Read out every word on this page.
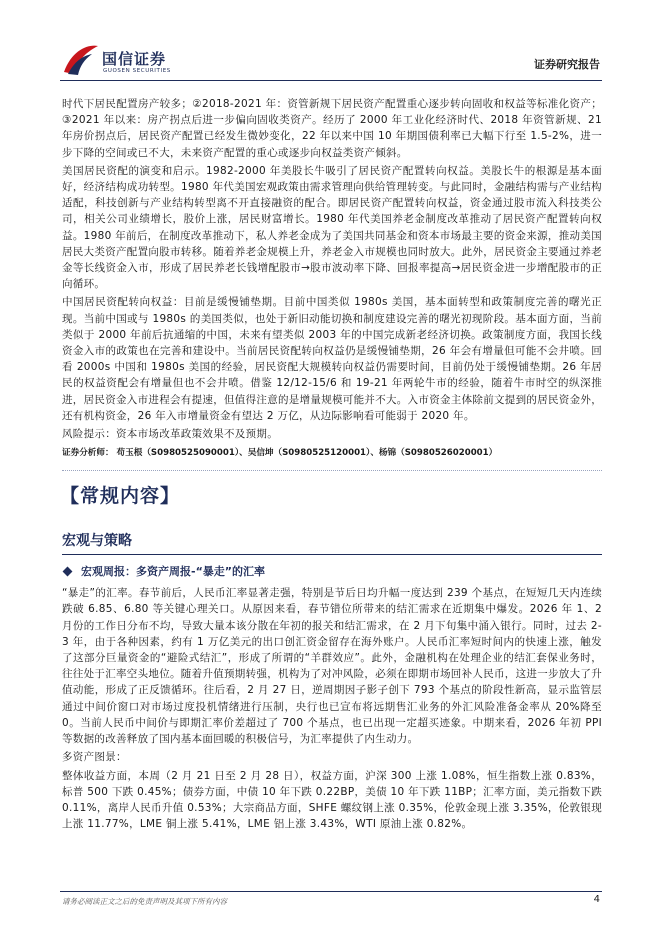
国信证券
GUOSEN SECURITIES	证券研究报告

时代下居民配置房产较多；②2018-2021 年：资管新规下居民资产配置重心逐步转向固收和权益等标准化资产；③2021 年以来：房产拐点后进一步偏向固收类资产。经历了 2000 年工业化经济时代、2018 年资管新规、21 年房价拐点后，居民资产配置已经发生微妙变化，22 年以来中国 10 年期国债利率已大幅下行至 1.5-2%，进一步下降的空间或已不大，未来资产配置的重心或逐步向权益类资产倾斜。

美国居民资配的演变和启示。1982-2000 年美股长牛吸引了居民资产配置转向权益。美股长牛的根源是基本面好，经济结构成功转型。1980 年代美国宏观政策由需求管理向供给管理转变。与此同时，金融结构需与产业结构适配，科技创新与产业结构转型离不开直接融资的配合。即居民资产配置转向权益，资金通过股市流入科技类公司，相关公司业绩增长，股价上涨，居民财富增长。1980 年代美国养老金制度改革推动了居民资产配置转向权益。1980 年前后，在制度改革推动下，私人养老金成为了美国共同基金和资本市场最主要的资金来源，推动美国居民大类资产配置向股市转移。随着养老金规模上升，养老金入市规模也同时放大。此外，居民资金主要通过养老金等长线资金入市，形成了居民养老长钱增配股市→股市波动率下降、回报率提高→居民资金进一步增配股市的正向循环。

中国居民资配转向权益：目前是缓慢铺垫期。目前中国类似 1980s 美国，基本面转型和政策制度完善的曙光正现。当前中国或与 1980s 的美国类似，也处于新旧动能切换和制度建设完善的曙光初现阶段。基本面方面，当前类似于 2000 年前后抗通缩的中国，未来有望类似 2003 年的中国完成新老经济切换。政策制度方面，我国长线资金入市的政策也在完善和建设中。当前居民资配转向权益仍是缓慢铺垫期，26 年会有增量但可能不会井喷。回看 2000s 中国和 1980s 美国的经验，居民资配大规模转向权益仍需要时间，目前仍处于缓慢铺垫期。26 年居民的权益资配会有增量但也不会井喷。借鉴 12/12-15/6 和 19-21 年两轮牛市的经验，随着牛市时空的纵深推进，居民资金入市进程会有提速，但值得注意的是增量规模可能并不大。入市资金主体除前文提到的居民资金外，还有机构资金，26 年入市增量资金有望达 2 万亿，从边际影响看可能弱于 2020 年。

风险提示：资本市场改革政策效果不及预期。

证券分析师： 苟玉根（S0980525090001）、吴信坤（S0980525120001）、杨锦（S0980526020001）
【常规内容】
宏观与策略
宏观周报：多资产周报-“暴走”的汇率

“暴走”的汇率。春节前后，人民币汇率显著走强，特别是节后日均升幅一度达到 239 个基点，在短短几天内连续跌破 6.85、6.80 等关键心理关口。从原因来看，春节错位所带来的结汇需求在近期集中爆发。2026 年 1、2 月份的工作日分布不均，导致大量本该分散在年初的报关和结汇需求，在 2 月下旬集中涌入银行。同时，过去 2-3 年，由于各种因素，约有 1 万亿美元的出口创汇资金留存在海外账户。人民币汇率短时间内的快速上涨，触发了这部分巨量资金的“避险式结汇”，形成了所谓的“羊群效应”。此外，金融机构在处理企业的结汇套保业务时，往往处于汇率空头地位。随着升值预期转强，机构为了对冲风险，必须在即期市场回补人民币，这进一步放大了升值动能，形成了正反馈循环。往后看，2 月 27 日，逆周期因子影子创下 793 个基点的阶段性新高，显示监管层通过中间价窗口对市场过度投机情绪进行压制，央行也已宣布将远期售汇业务的外汇风险准备金率从 20%降至 0。当前人民币中间价与即期汇率价差超过了 700 个基点，也已出现一定超买迹象。中期来看，2026 年初 PPI 等数据的改善释放了国内基本面回暖的积极信号，为汇率提供了内生动力。

多资产图景：

整体收益方面，本周（2 月 21 日至 2 月 28 日），权益方面，沪深 300 上涨 1.08%，恒生指数上涨 0.83%，标普 500 下跌 0.45%；债券方面，中债 10 年下跌 0.22BP，美债 10 年下跌 11BP；汇率方面，美元指数下跌 0.11%，离岸人民币升值 0.53%；大宗商品方面，SHFE 螺纹钢上涨 0.35%，伦敦金现上涨 3.35%，伦敦银现上涨 11.77%，LME 铜上涨 5.41%，LME 铝上涨 3.43%，WTI 原油上涨 0.82%。

请务必阅读正文之后的免责声明及其项下所有内容	4
